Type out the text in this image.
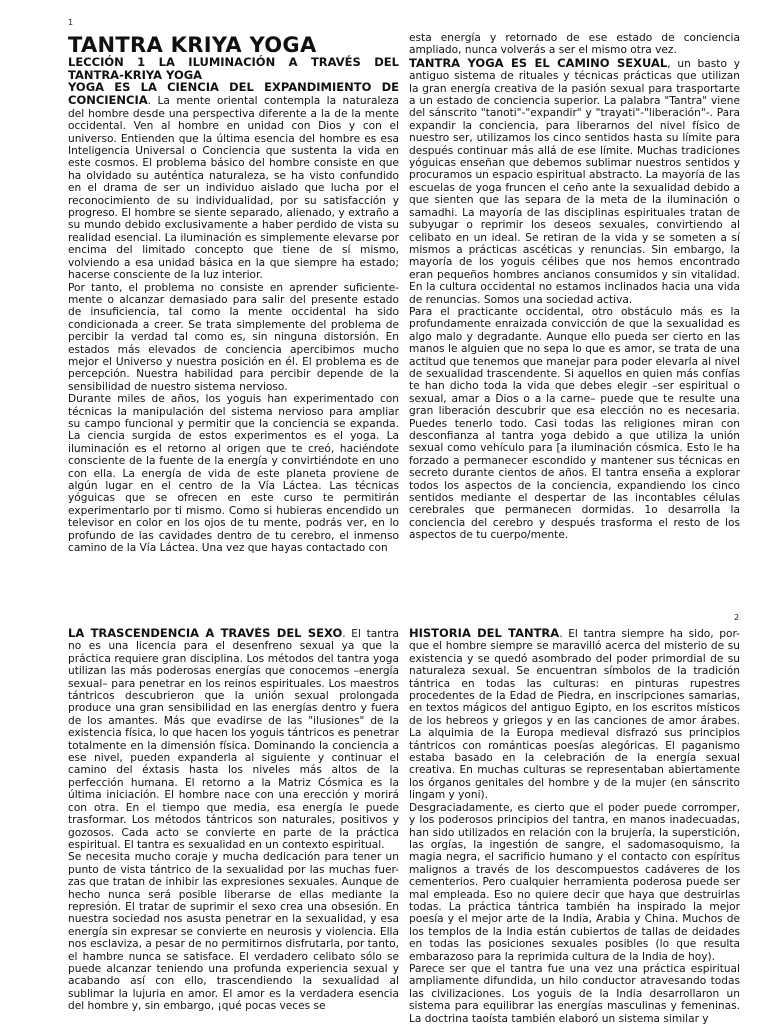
1

TANTRA KRIYA YOGA

LECCIÓN 1 LA ILUMINACIÓN A TRAVÉS DEL TANTRA-KRIYA YOGA

YOGA ES LA CIENCIA DEL EXPANDIMIENTO DE CONCIENCIA. La mente oriental contempla la naturaleza del hombre desde una perspectiva diferente a la de la mente occidental. Ven al hombre en unidad con Dios y con el universo. Entienden que la última esencia del hombre es esa Inteligencia Universal o Conciencia que sustenta la vida en este cosmos. El problema básico del hombre consiste en que ha olvidado su auténtica naturaleza, se ha visto confundido en el drama de ser un individuo aislado que lucha por el reconocimiento de su individualidad, por su satisfacción y progreso. El hombre se siente separado, alienado, y extraño a su mundo debido exclusivamente a haber perdido de vista su realidad esencial. La iluminación es simplemente elevarse por encima del limitado concepto que tiene de sí mismo, volviendo a esa unidad básica en la que siempre ha estado; hacerse consciente de la luz interior.

Por tanto, el problema no consiste en aprender suficiente-mente o alcanzar demasiado para salir del presente estado de insuficiencia, tal como la mente occidental ha sido condicionada a creer. Se trata simplemente del problema de percibir la verdad tal como es, sin ninguna distorsión. En estados más elevados de conciencia apercibimos mucho mejor el Universo y nuestra posición en él. El problema es de percepción. Nuestra habilidad para percibir depende de la sensibilidad de nuestro sistema nervioso.

Durante miles de años, los yoguis han experimentado con técnicas la manipulación del sistema nervioso para ampliar su campo funcional y permitir que la conciencia se expanda. La ciencia surgida de estos experimentos es el yoga. La iluminación es el retorno al origen que te creó, haciéndote consciente de la fuente de la energía y convirtiéndote en uno con ella. La energía de vida de este planeta proviene de algún lugar en el centro de la Vía Láctea. Las técnicas yóguicas que se ofrecen en este curso te permitirán experimentarlo por ti mismo. Como si hubieras encendido un televisor en color en los ojos de tu mente, podrás ver, en lo profundo de las cavidades dentro de tu cerebro, el inmenso camino de la Vía Láctea. Una vez que hayas contactado con

esta energía y retornado de ese estado de conciencia ampliado, nunca volverás a ser el mismo otra vez.

TANTRA YOGA ES EL CAMINO SEXUAL, un basto y antiguo sistema de rituales y técnicas prácticas que utilizan la gran energía creativa de la pasión sexual para trasportarte a un estado de conciencia superior. La palabra "Tantra" viene del sánscrito "tanoti"-"expandir" y "trayati"-"liberación"-. Para expandir la conciencia, para liberarnos del nivel físico de nuestro ser, utilizamos los cinco sentidos hasta su límite para después continuar más allá de ese límite. Muchas tradiciones yóguicas enseñan que debemos sublimar nuestros sentidos y procuramos un espacio espiritual abstracto. La mayoría de las escuelas de yoga fruncen el ceño ante la sexualidad debido a que sienten que las separa de la meta de la iluminación o samadhi. La mayoría de las disciplinas espirituales tratan de subyugar o reprimir los deseos sexuales, convirtiendo al celibato en un ideal. Se retiran de la vida y se someten a sí mismos a prácticas ascéticas y renuncias. Sin embargo, la mayoría de los yoguis célibes que nos hemos encontrado eran pequeños hombres ancianos consumidos y sin vitalidad. En la cultura occidental no estamos inclinados hacia una vida de renuncias. Somos una sociedad activa.

Para el practicante occidental, otro obstáculo más es la profundamente enraizada convicción de que la sexualidad es algo malo y degradante. Aunque ello pueda ser cierto en las manos le alguien que no sepa lo que es amor, se trata de una actitud que tenemos que manejar para poder elevarla al nivel de sexualidad trascendente. Si aquellos en quien más confías te han dicho toda la vida que debes elegir –ser espiritual o sexual, amar a Dios o a la carne– puede que te resulte una gran liberación descubrir que esa elección no es necesaria. Puedes tenerlo todo. Casi todas las religiones miran con desconfianza al tantra yoga debido a que utiliza la unión sexual como vehículo para [a iluminación cósmica. Esto le ha forzado a permanecer escondido y mantener sus técnicas en secreto durante cientos de años. El tantra enseña a explorar todos los aspectos de la conciencia, expandiendo los cinco sentidos mediante el despertar de las incontables células cerebrales que permanecen dormidas. 1o desarrolla la conciencia del cerebro y después trasforma el resto de los aspectos de tu cuerpo/mente.

2

LA TRASCENDENCIA A TRAVÉS DEL SEXO. El tantra no es una licencia para el desenfreno sexual ya que la práctica requiere gran disciplina. Los métodos del tantra yoga utilizan las más poderosas energías que conocemos –energía sexual– para penetrar en los reinos espirituales. Los maestros tántricos descubrieron que la unión sexual prolongada produce una gran sensibilidad en las energías dentro y fuera de los amantes. Más que evadirse de las "ilusiones" de la existencia física, lo que hacen los yoguis tántricos es penetrar totalmente en la dimensión física. Dominando la conciencia a ese nivel, pueden expanderla al siguiente y continuar el camino del éxtasis hasta los niveles más altos de la perfección humana. El retorno a la Matriz Cósmica es la última iniciación. El hombre nace con una erección y morirá con otra. En el tiempo que media, esa energía le puede trasformar. Los métodos tántricos son naturales, positivos y gozosos. Cada acto se convierte en parte de la práctica espiritual. El tantra es sexualidad en un contexto espiritual.

Se necesita mucho coraje y mucha dedicación para tener un punto de vista tántrico de la sexualidad por las muchas fuer-zas que tratan de inhibir las expresiones sexuales. Aunque de hecho nunca será posible liberarse de ellas mediante la represión. El tratar de suprimir el sexo crea una obsesión. En nuestra sociedad nos asusta penetrar en la sexualidad, y esa energía sin expresar se convierte en neurosis y violencia. Ella nos esclaviza, a pesar de no permitirnos disfrutarla, por tanto, el hambre nunca se satisface. El verdadero celibato sólo se puede alcanzar teniendo una profunda experiencia sexual y acabando así con ello, trascendiendo la sexualidad al sublimar la lujuria en amor. El amor es la verdadera esencia del hombre y, sin embargo, ¡qué pocas veces se

HISTORIA DEL TANTRA. El tantra siempre ha sido, por-que el hombre siempre se maravilló acerca del misterio de su existencia y se quedó asombrado del poder primordial de su naturaleza sexual. Se encuentran símbolos de la tradición tántrica en todas las culturas: en pinturas rupestres procedentes de la Edad de Piedra, en inscripciones samarias, en textos mágicos del antiguo Egipto, en los escritos místicos de los hebreos y griegos y en las canciones de amor árabes. La alquimia de la Europa medieval disfrazó sus principios tántricos con románticas poesías alegóricas. El paganismo estaba basado en la celebración de la energía sexual creativa. En muchas culturas se representaban abiertamente los órganos genitales del hombre y de la mujer (en sánscrito lingam y yoni).

Desgraciadamente, es cierto que el poder puede corromper, y los poderosos principios del tantra, en manos inadecuadas, han sido utilizados en relación con la brujería, la superstición, las orgías, la ingestión de sangre, el sadomasoquismo, la magia negra, el sacrificio humano y el contacto con espíritus malignos a través de los descompuestos cadáveres de los cementerios. Pero cualquier herramienta poderosa puede ser mal empleada. Eso no quiere decir que haya que destruirlas todas. La práctica tántrica también ha inspirado la mejor poesía y el mejor arte de la India, Arabia y China. Muchos de los templos de la India están cubiertos de tallas de deidades en todas las posiciones sexuales posibles (lo que resulta embarazoso para la reprimida cultura de la India de hoy).

Parece ser que el tantra fue una vez una práctica espiritual ampliamente difundida, un hilo conductor atravesando todas las civilizaciones. Los yoguis de la India desarrollaron un sistema para equilibrar las energías masculinas y femeninas. La doctrina taoísta también elaboró un sistema similar y
